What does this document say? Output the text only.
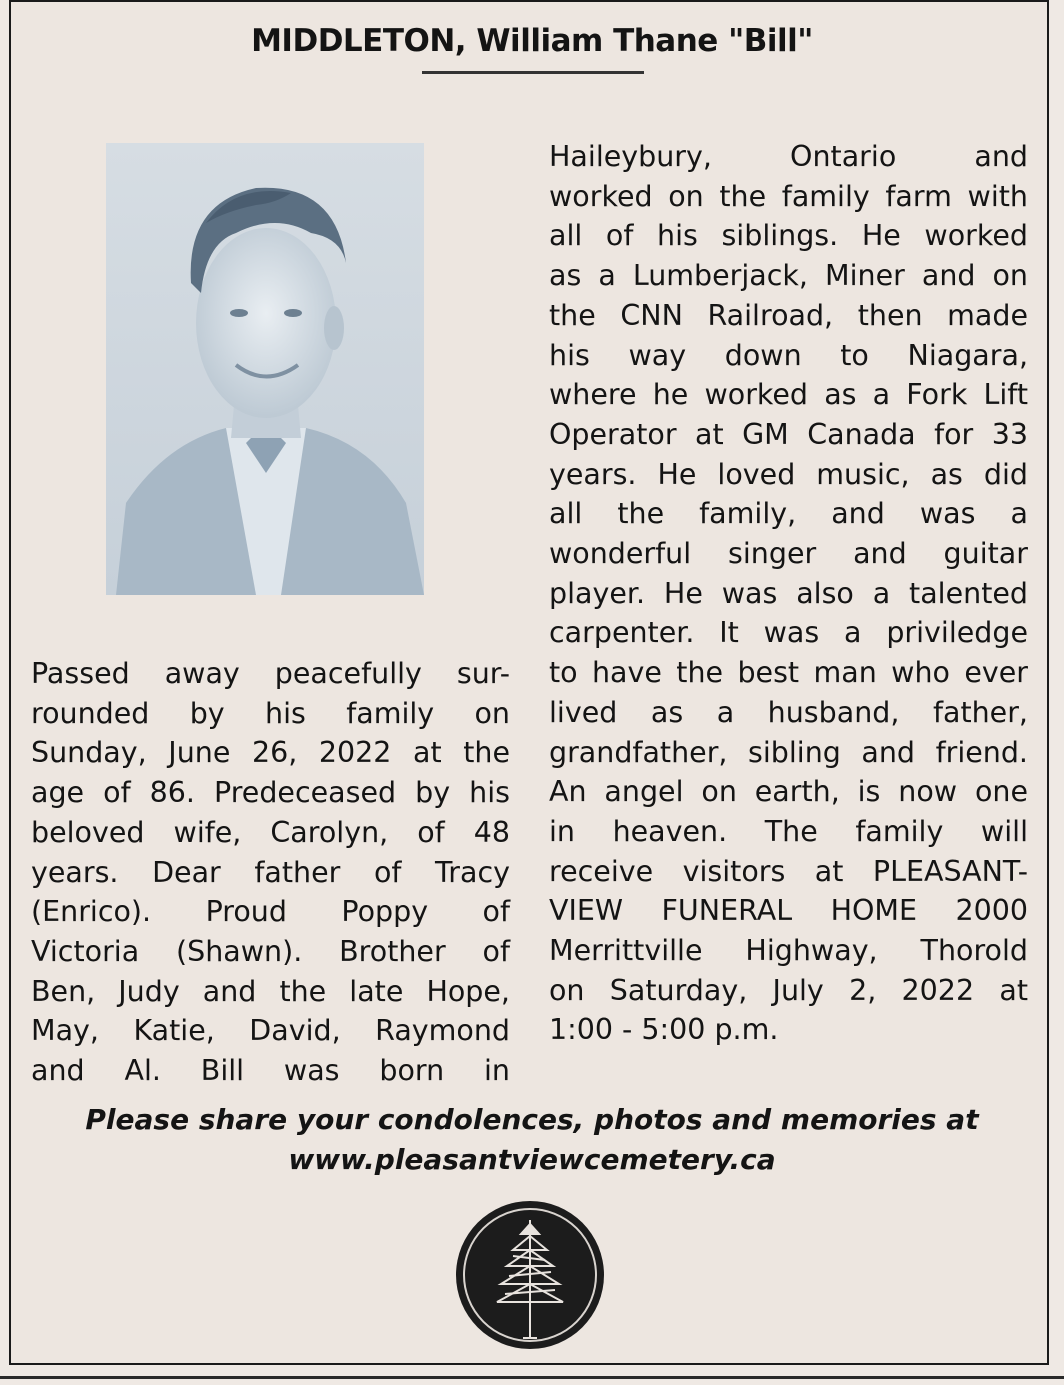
MIDDLETON, William Thane "Bill"
Passed away peacefully sur-
rounded by his family on
Sunday, June 26, 2022 at the
age of 86. Predeceased by his
beloved wife, Carolyn, of 48
years. Dear father of Tracy
(Enrico). Proud Poppy of
Victoria (Shawn). Brother of
Ben, Judy and the late Hope,
May, Katie, David, Raymond
and Al. Bill was born in
Haileybury, Ontario and
worked on the family farm with
all of his siblings. He worked
as a Lumberjack, Miner and on
the CNN Railroad, then made
his way down to Niagara,
where he worked as a Fork Lift
Operator at GM Canada for 33
years. He loved music, as did
all the family, and was a
wonderful singer and guitar
player. He was also a talented
carpenter. It was a priviledge
to have the best man who ever
lived as a husband, father,
grandfather, sibling and friend.
An angel on earth, is now one
in heaven. The family will
receive visitors at PLEASANT-
VIEW FUNERAL HOME 2000
Merrittville Highway, Thorold
on Saturday, July 2, 2022 at
1:00 - 5:00 p.m.
Please share your condolences, photos and memories at
www.pleasantviewcemetery.ca
